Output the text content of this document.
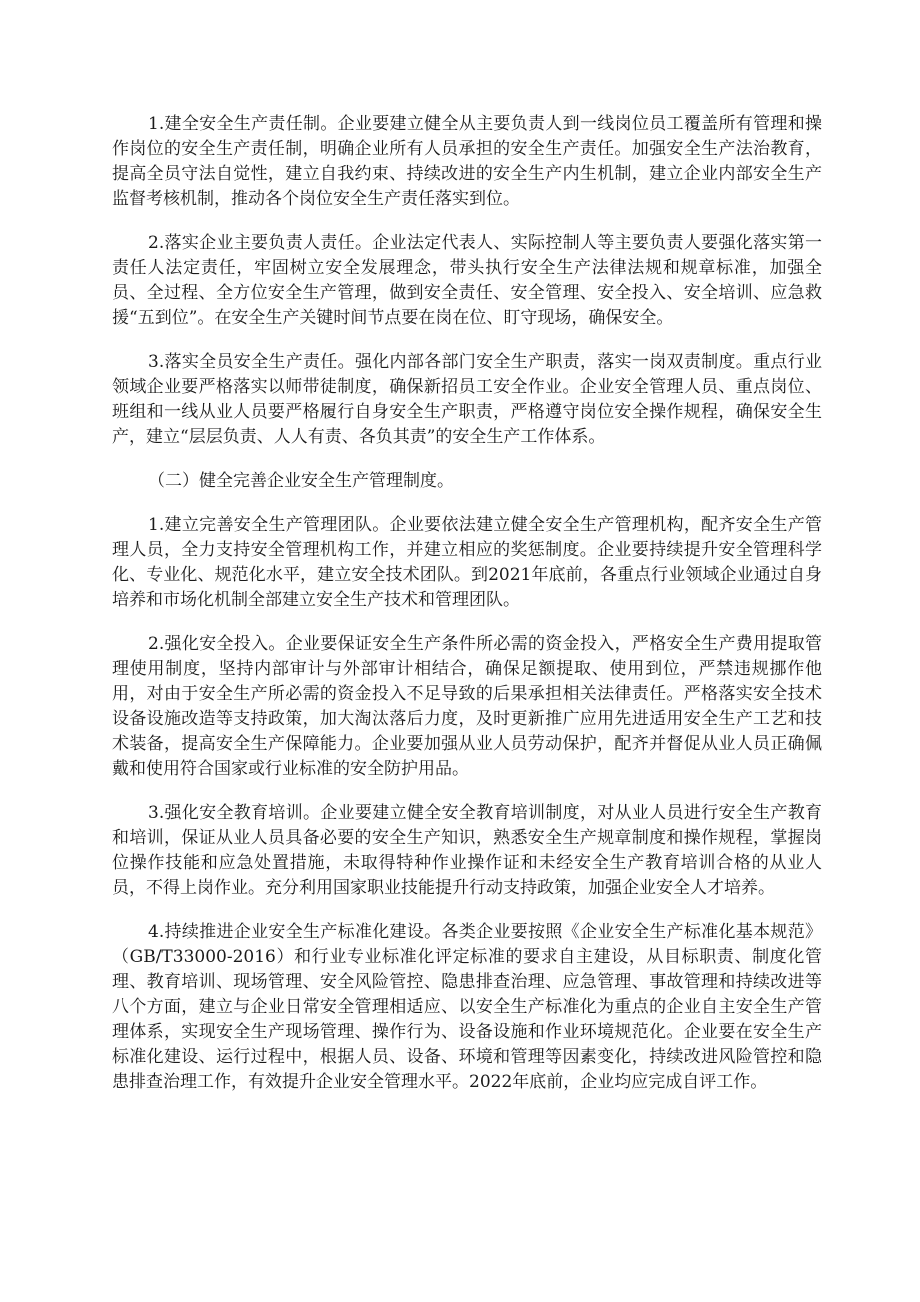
1.建全安全生产责任制。企业要建立健全从主要负责人到一线岗位员工覆盖所有管理和操作岗位的安全生产责任制，明确企业所有人员承担的安全生产责任。加强安全生产法治教育，提高全员守法自觉性，建立自我约束、持续改进的安全生产内生机制，建立企业内部安全生产监督考核机制，推动各个岗位安全生产责任落实到位。

2.落实企业主要负责人责任。企业法定代表人、实际控制人等主要负责人要强化落实第一责任人法定责任，牢固树立安全发展理念，带头执行安全生产法律法规和规章标准，加强全员、全过程、全方位安全生产管理，做到安全责任、安全管理、安全投入、安全培训、应急救援“五到位”。在安全生产关键时间节点要在岗在位、盯守现场，确保安全。

3.落实全员安全生产责任。强化内部各部门安全生产职责，落实一岗双责制度。重点行业领域企业要严格落实以师带徒制度，确保新招员工安全作业。企业安全管理人员、重点岗位、班组和一线从业人员要严格履行自身安全生产职责，严格遵守岗位安全操作规程，确保安全生产，建立“层层负责、人人有责、各负其责”的安全生产工作体系。

（二）健全完善企业安全生产管理制度。

1.建立完善安全生产管理团队。企业要依法建立健全安全生产管理机构，配齐安全生产管理人员，全力支持安全管理机构工作，并建立相应的奖惩制度。企业要持续提升安全管理科学化、专业化、规范化水平，建立安全技术团队。到2021年底前，各重点行业领域企业通过自身培养和市场化机制全部建立安全生产技术和管理团队。

2.强化安全投入。企业要保证安全生产条件所必需的资金投入，严格安全生产费用提取管理使用制度，坚持内部审计与外部审计相结合，确保足额提取、使用到位，严禁违规挪作他用，对由于安全生产所必需的资金投入不足导致的后果承担相关法律责任。严格落实安全技术设备设施改造等支持政策，加大淘汰落后力度，及时更新推广应用先进适用安全生产工艺和技术装备，提高安全生产保障能力。企业要加强从业人员劳动保护，配齐并督促从业人员正确佩戴和使用符合国家或行业标准的安全防护用品。

3.强化安全教育培训。企业要建立健全安全教育培训制度，对从业人员进行安全生产教育和培训，保证从业人员具备必要的安全生产知识，熟悉安全生产规章制度和操作规程，掌握岗位操作技能和应急处置措施，未取得特种作业操作证和未经安全生产教育培训合格的从业人员，不得上岗作业。充分利用国家职业技能提升行动支持政策，加强企业安全人才培养。

4.持续推进企业安全生产标准化建设。各类企业要按照《企业安全生产标准化基本规范》（GB/T33000-2016）和行业专业标准化评定标准的要求自主建设，从目标职责、制度化管理、教育培训、现场管理、安全风险管控、隐患排查治理、应急管理、事故管理和持续改进等八个方面，建立与企业日常安全管理相适应、以安全生产标准化为重点的企业自主安全生产管理体系，实现安全生产现场管理、操作行为、设备设施和作业环境规范化。企业要在安全生产标准化建设、运行过程中，根据人员、设备、环境和管理等因素变化，持续改进风险管控和隐患排查治理工作，有效提升企业安全管理水平。2022年底前，企业均应完成自评工作。
